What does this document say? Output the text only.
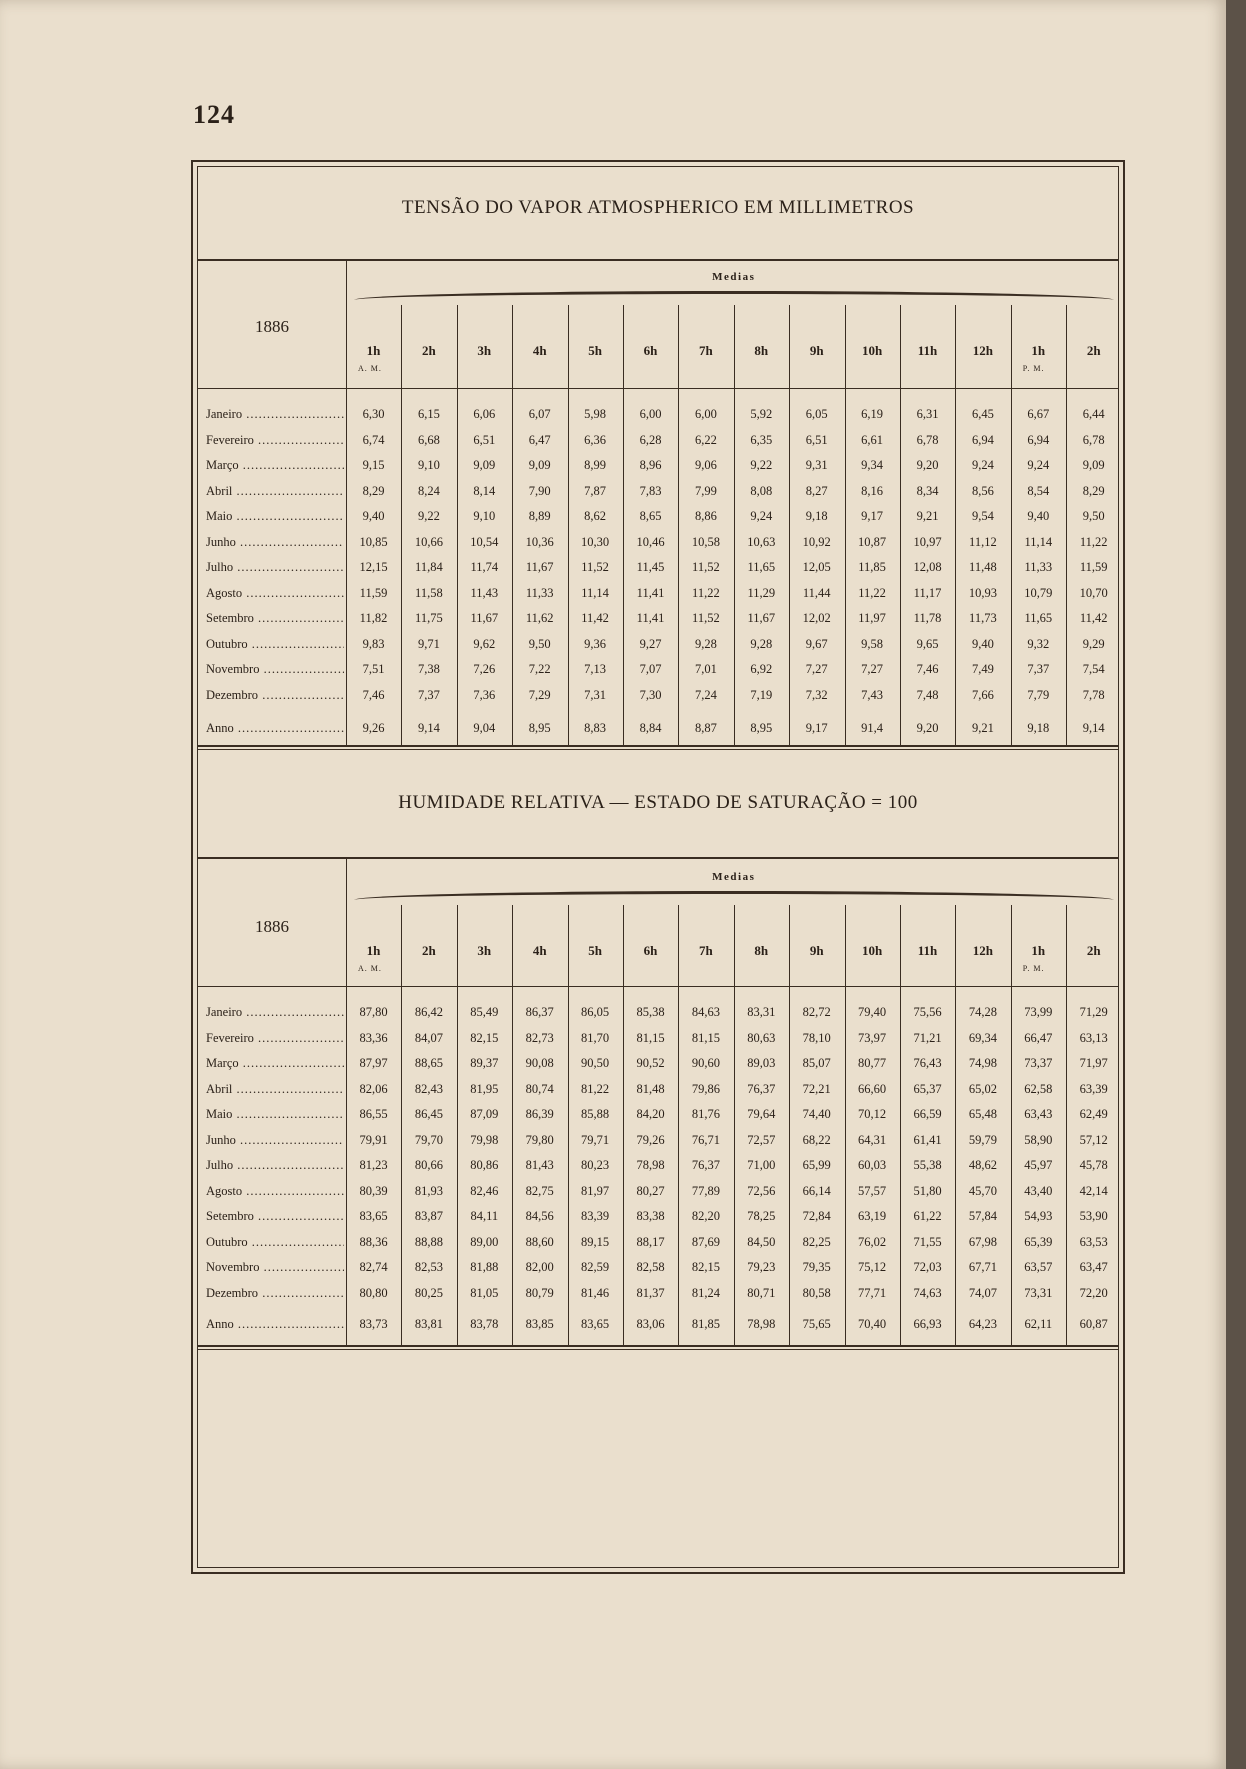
124
TENSÃO DO VAPOR ATMOSPHERICO EM MILLIMETROS
Medias
1886
1h	2h	3h	4h	5h	6h	7h	8h	9h	10h	11h	12h	1h	2h
A. M.	P. M.
Janeiro .....	6,30	6,15	6,06	6,07	5,98	6,00	6,00	5,92	6,05	6,19	6,31	6,45	6,67	6,44
Fevereiro .....	6,74	6,68	6,51	6,47	6,36	6,28	6,22	6,35	6,51	6,61	6,78	6,94	6,94	6,78
Março .....	9,15	9,10	9,09	9,09	8,99	8,96	9,06	9,22	9,31	9,34	9,20	9,24	9,24	9,09
Abril .....	8,29	8,24	8,14	7,90	7,87	7,83	7,99	8,08	8,27	8,16	8,34	8,56	8,54	8,29
Maio .....	9,40	9,22	9,10	8,89	8,62	8,65	8,86	9,24	9,18	9,17	9,21	9,54	9,40	9,50
Junho .....	10,85	10,66	10,54	10,36	10,30	10,46	10,58	10,63	10,92	10,87	10,97	11,12	11,14	11,22
Julho .....	12,15	11,84	11,74	11,67	11,52	11,45	11,52	11,65	12,05	11,85	12,08	11,48	11,33	11,59
Agosto .....	11,59	11,58	11,43	11,33	11,14	11,41	11,22	11,29	11,44	11,22	11,17	10,93	10,79	10,70
Setembro .....	11,82	11,75	11,67	11,62	11,42	11,41	11,52	11,67	12,02	11,97	11,78	11,73	11,65	11,42
Outubro .....	9,83	9,71	9,62	9,50	9,36	9,27	9,28	9,28	9,67	9,58	9,65	9,40	9,32	9,29
Novembro .....	7,51	7,38	7,26	7,22	7,13	7,07	7,01	6,92	7,27	7,27	7,46	7,49	7,37	7,54
Dezembro .....	7,46	7,37	7,36	7,29	7,31	7,30	7,24	7,19	7,32	7,43	7,48	7,66	7,79	7,78
Anno .....	9,26	9,14	9,04	8,95	8,83	8,84	8,87	8,95	9,17	91,4	9,20	9,21	9,18	9,14
HUMIDADE RELATIVA — ESTADO DE SATURAÇÃO = 100
Medias
1886
1h	2h	3h	4h	5h	6h	7h	8h	9h	10h	11h	12h	1h	2h
A. M.	P. M.
Janeiro .....	87,80	86,42	85,49	86,37	86,05	85,38	84,63	83,31	82,72	79,40	75,56	74,28	73,99	71,29
Fevereiro .....	83,36	84,07	82,15	82,73	81,70	81,15	81,15	80,63	78,10	73,97	71,21	69,34	66,47	63,13
Março .....	87,97	88,65	89,37	90,08	90,50	90,52	90,60	89,03	85,07	80,77	76,43	74,98	73,37	71,97
Abril .....	82,06	82,43	81,95	80,74	81,22	81,48	79,86	76,37	72,21	66,60	65,37	65,02	62,58	63,39
Maio .....	86,55	86,45	87,09	86,39	85,88	84,20	81,76	79,64	74,40	70,12	66,59	65,48	63,43	62,49
Junho .....	79,91	79,70	79,98	79,80	79,71	79,26	76,71	72,57	68,22	64,31	61,41	59,79	58,90	57,12
Julho .....	81,23	80,66	80,86	81,43	80,23	78,98	76,37	71,00	65,99	60,03	55,38	48,62	45,97	45,78
Agosto .....	80,39	81,93	82,46	82,75	81,97	80,27	77,89	72,56	66,14	57,57	51,80	45,70	43,40	42,14
Setembro .....	83,65	83,87	84,11	84,56	83,39	83,38	82,20	78,25	72,84	63,19	61,22	57,84	54,93	53,90
Outubro .....	88,36	88,88	89,00	88,60	89,15	88,17	87,69	84,50	82,25	76,02	71,55	67,98	65,39	63,53
Novembro .....	82,74	82,53	81,88	82,00	82,59	82,58	82,15	79,23	79,35	75,12	72,03	67,71	63,57	63,47
Dezembro .....	80,80	80,25	81,05	80,79	81,46	81,37	81,24	80,71	80,58	77,71	74,63	74,07	73,31	72,20
Anno .....	83,73	83,81	83,78	83,85	83,65	83,06	81,85	78,98	75,65	70,40	66,93	64,23	62,11	60,87
